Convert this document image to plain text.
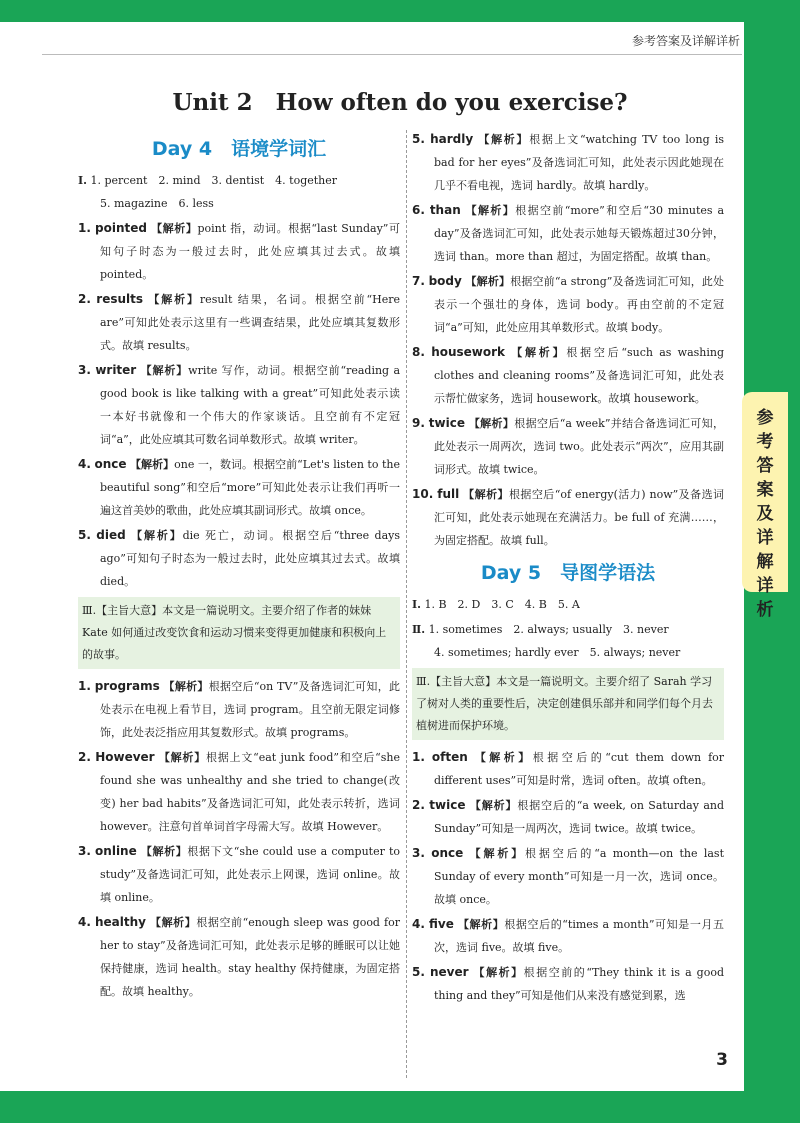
参考答案及详解详析
Unit 2　How often do you exercise?
Day 4　语境学词汇
Ⅰ. 1. percent　2. mind　3. dentist　4. together
5. magazine　6. less
1. pointed 【解析】point 指，动词。根据“last Sunday”可知句子时态为一般过去时，此处应填其过去式。故填 pointed。
2. results 【解析】result 结果，名词。根据空前“Here are”可知此处表示这里有一些调查结果，此处应填其复数形式。故填 results。
3. writer 【解析】write 写作，动词。根据空前“reading a good book is like talking with a great”可知此处表示读一本好书就像和一个伟大的作家谈话。且空前有不定冠词“a”，此处应填其可数名词单数形式。故填 writer。
4. once 【解析】one 一，数词。根据空前“Let's listen to the beautiful song”和空后“more”可知此处表示让我们再听一遍这首美妙的歌曲，此处应填其副词形式。故填 once。
5. died 【解析】die 死亡，动词。根据空后“three days ago”可知句子时态为一般过去时，此处应填其过去式。故填 died。
Ⅲ.【主旨大意】本文是一篇说明文。主要介绍了作者的妹妹 Kate 如何通过改变饮食和运动习惯来变得更加健康和积极向上的故事。
1. programs 【解析】根据空后“on TV”及备选词汇可知，此处表示在电视上看节目，选词 program。且空前无限定词修饰，此处表泛指应用其复数形式。故填 programs。
2. However 【解析】根据上文“eat junk food”和空后“she found she was unhealthy and she tried to change(改变) her bad habits”及备选词汇可知，此处表示转折，选词 however。注意句首单词首字母需大写。故填 However。
3. online 【解析】根据下文“she could use a computer to study”及备选词汇可知，此处表示上网课，选词 online。故填 online。
4. healthy 【解析】根据空前“enough sleep was good for her to stay”及备选词汇可知，此处表示足够的睡眠可以让她保持健康，选词 health。stay healthy 保持健康，为固定搭配。故填 healthy。
5. hardly 【解析】根据上文“watching TV too long is bad for her eyes”及备选词汇可知，此处表示因此她现在几乎不看电视，选词 hardly。故填 hardly。
6. than 【解析】根据空前“more”和空后“30 minutes a day”及备选词汇可知，此处表示她每天锻炼超过30分钟，选词 than。more than 超过，为固定搭配。故填 than。
7. body 【解析】根据空前“a strong”及备选词汇可知，此处表示一个强壮的身体，选词 body。再由空前的不定冠词“a”可知，此处应用其单数形式。故填 body。
8. housework 【解析】根据空后“such as washing clothes and cleaning rooms”及备选词汇可知，此处表示帮忙做家务，选词 housework。故填 housework。
9. twice 【解析】根据空后“a week”并结合备选词汇可知，此处表示一周两次，选词 two。此处表示“两次”，应用其副词形式。故填 twice。
10. full 【解析】根据空后“of energy(活力) now”及备选词汇可知，此处表示她现在充满活力。be full of 充满……，为固定搭配。故填 full。
Day 5　导图学语法
Ⅰ. 1. B　2. D　3. C　4. B　5. A
Ⅱ. 1. sometimes　2. always; usually　3. never
4. sometimes; hardly ever　5. always; never
Ⅲ.【主旨大意】本文是一篇说明文。主要介绍了 Sarah 学习了树对人类的重要性后，决定创建俱乐部并和同学们每个月去植树进而保护环境。
1. often 【解析】根据空后的“cut them down for different uses”可知是时常，选词 often。故填 often。
2. twice 【解析】根据空后的“a week, on Saturday and Sunday”可知是一周两次，选词 twice。故填 twice。
3. once 【解析】根据空后的“a month—on the last Sunday of every month”可知是一月一次，选词 once。故填 once。
4. five 【解析】根据空后的“times a month”可知是一月五次，选词 five。故填 five。
5. never 【解析】根据空前的“They think it is a good thing and they”可知是他们从来没有感觉到累，选
参考答案及详解详析
3
